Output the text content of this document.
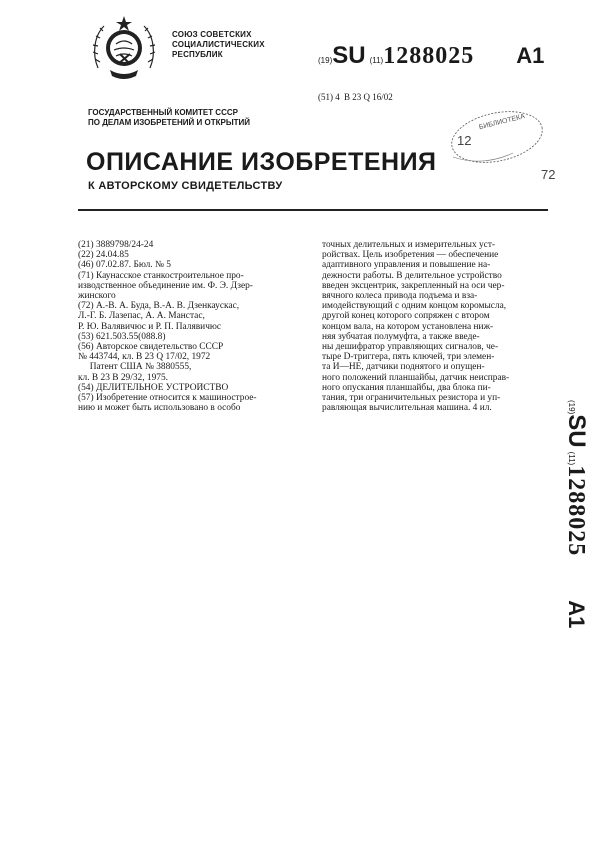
СОЮЗ СОВЕТСКИХ
СОЦИАЛИСТИЧЕСКИХ
РЕСПУБЛИК
(19)SU (11)1288025 A1
(51) 4 В 23 Q 16/02
ГОСУДАРСТВЕННЫЙ КОМИТЕТ СССР
ПО ДЕЛАМ ИЗОБРЕТЕНИЙ И ОТКРЫТИЙ	БИБЛИОТЕКА
12
72
ОПИСАНИЕ ИЗОБРЕТЕНИЯ
К АВТОРСКОМУ СВИДЕТЕЛЬСТВУ
(21) 3889798/24-24
(22) 24.04.85
(46) 07.02.87. Бюл. № 5
(71) Каунасское станкостроительное про-
изводственное объединение им. Ф. Э. Дзер-
жинского
(72) А.-В. А. Буда, В.-А. В. Дзенкаускас,
Л.-Г. Б. Лазепас, А. А. Манстас,
Р. Ю. Валявичюс и Р. П. Палявичюс
(53) 621.503.55(088.8)
(56) Авторское свидетельство СССР
№ 443744, кл. В 23 Q 17/02, 1972
Патент США № 3880555,
кл. В 23 В 29/32, 1975.
(54) ДЕЛИТЕЛЬНОЕ УСТРОЙСТВО
(57) Изобретение относится к машинострое-
нию и может быть использовано в особо
точных делительных и измерительных уст-
ройствах. Цель изобретения — обеспечение
адаптивного управления и повышение на-
дежности работы. В делительное устройство
введен эксцентрик, закрепленный на оси чер-
вячного колеса привода подъема и вза-
имодействующий с одним концом коромысла,
другой конец которого сопряжен с втором
концом вала, на котором установлена ниж-
няя зубчатая полумуфта, а также введе-
ны дешифратор управляющих сигналов, че-
тыре D-триггера, пять ключей, три элемен-
та И—НЕ, датчики поднятого и опущен-
ного положений планшайбы, датчик неисправ-
ного опускания планшайбы, два блока пи-
тания, три ограничительных резистора и уп-
равляющая вычислительная машина. 4 ил.	(19)SU (11)1288025 A1
